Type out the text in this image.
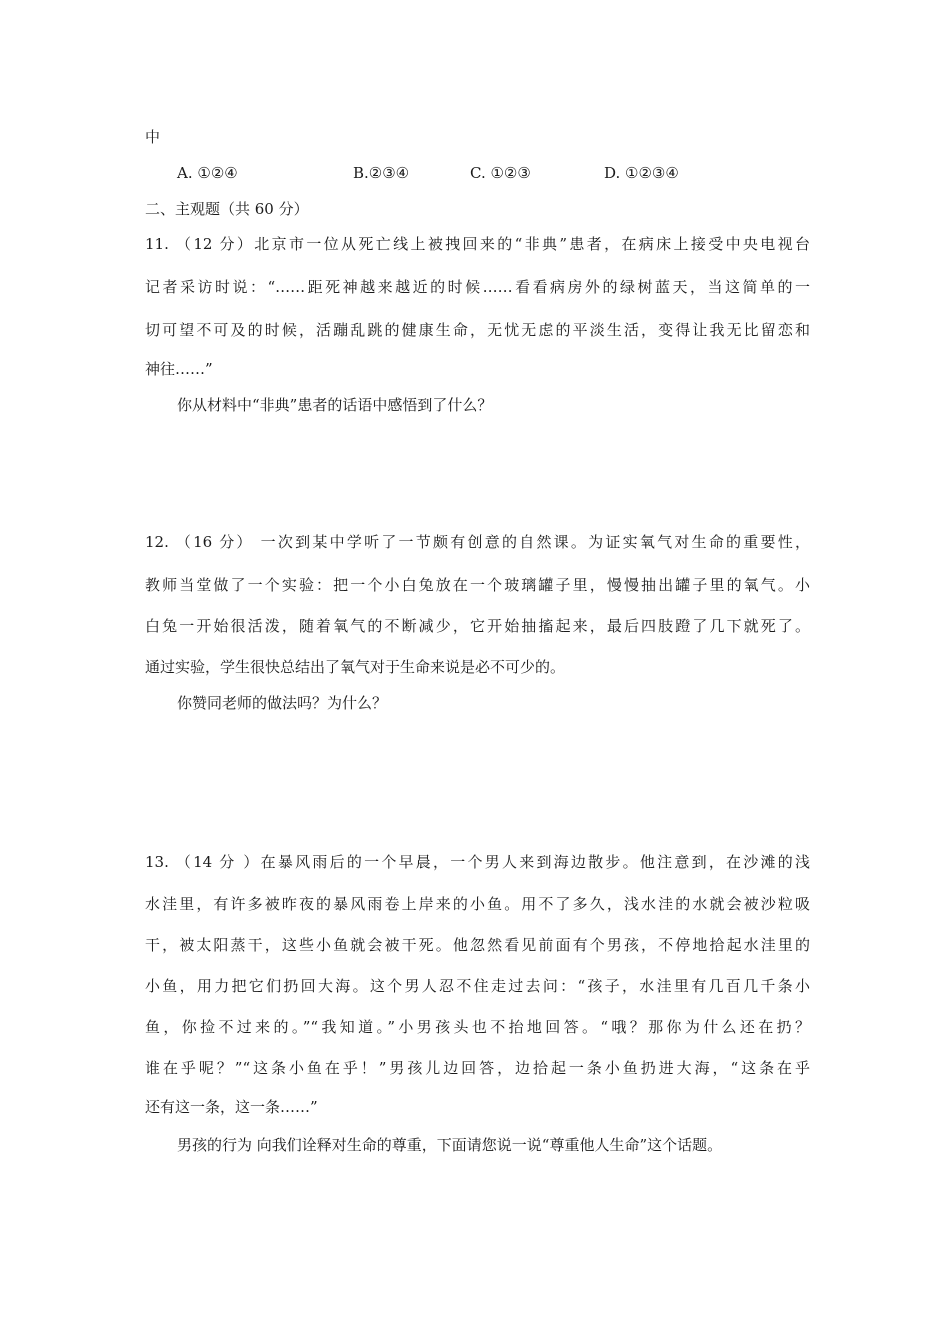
中
A. ①②④	B.②③④	C. ①②③	D. ①②③④
二、主观题（共 60 分）
11. （12 分）北京市一位从死亡线上被拽回来的“非典”患者，在病床上接受中央电视台
记者采访时说：“……距死神越来越近的时候……看看病房外的绿树蓝天，当这简单的一
切可望不可及的时候，活蹦乱跳的健康生命，无忧无虑的平淡生活，变得让我无比留恋和
神往……”
你从材料中“非典”患者的话语中感悟到了什么？
12. （16 分） 一次到某中学听了一节颇有创意的自然课。为证实氧气对生命的重要性，
教师当堂做了一个实验：把一个小白兔放在一个玻璃罐子里，慢慢抽出罐子里的氧气。小
白兔一开始很活泼，随着氧气的不断减少，它开始抽搐起来，最后四肢蹬了几下就死了。
通过实验，学生很快总结出了氧气对于生命来说是必不可少的。
你赞同老师的做法吗？为什么？
13. （14 分 ）在暴风雨后的一个早晨，一个男人来到海边散步。他注意到，在沙滩的浅
水洼里，有许多被昨夜的暴风雨卷上岸来的小鱼。用不了多久，浅水洼的水就会被沙粒吸
干，被太阳蒸干，这些小鱼就会被干死。他忽然看见前面有个男孩，不停地拾起水洼里的
小鱼，用力把它们扔回大海。这个男人忍不住走过去问：“孩子，水洼里有几百几千条小
鱼，你捡不过来的。”“我知道。”小男孩头也不抬地回答。“哦？那你为什么还在扔？
谁在乎呢？”“这条小鱼在乎！”男孩儿边回答，边拾起一条小鱼扔进大海，“这条在乎
还有这一条，这一条……”
男孩的行为 向我们诠释对生命的尊重，下面请您说一说“尊重他人生命”这个话题。
